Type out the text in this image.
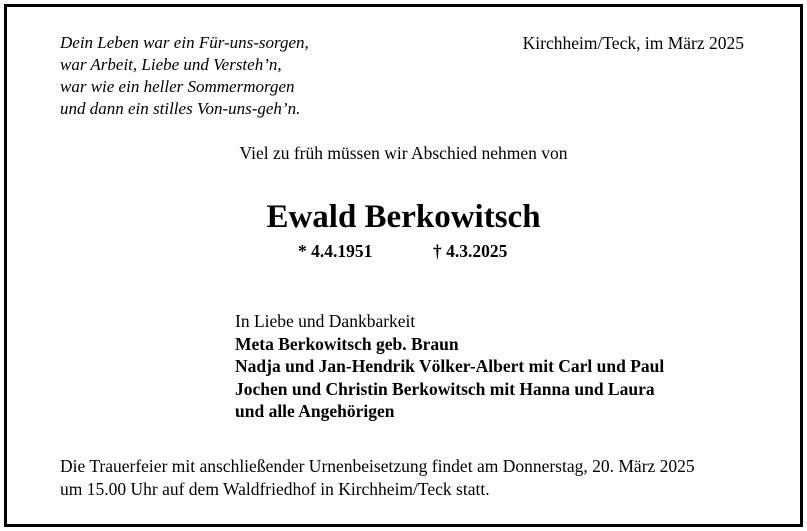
Dein Leben war ein Für-uns-sorgen,
war Arbeit, Liebe und Versteh’n,
war wie ein heller Sommermorgen
und dann ein stilles Von-uns-geh’n.
Kirchheim/Teck, im März 2025
Viel zu früh müssen wir Abschied nehmen von
Ewald Berkowitsch
* 4.4.1951	† 4.3.2025
In Liebe und Dankbarkeit
Meta Berkowitsch geb. Braun
Nadja und Jan-Hendrik Völker-Albert mit Carl und Paul
Jochen und Christin Berkowitsch mit Hanna und Laura
und alle Angehörigen
Die Trauerfeier mit anschließender Urnenbeisetzung findet am Donnerstag, 20. März 2025
um 15.00 Uhr auf dem Waldfriedhof in Kirchheim/Teck statt.
